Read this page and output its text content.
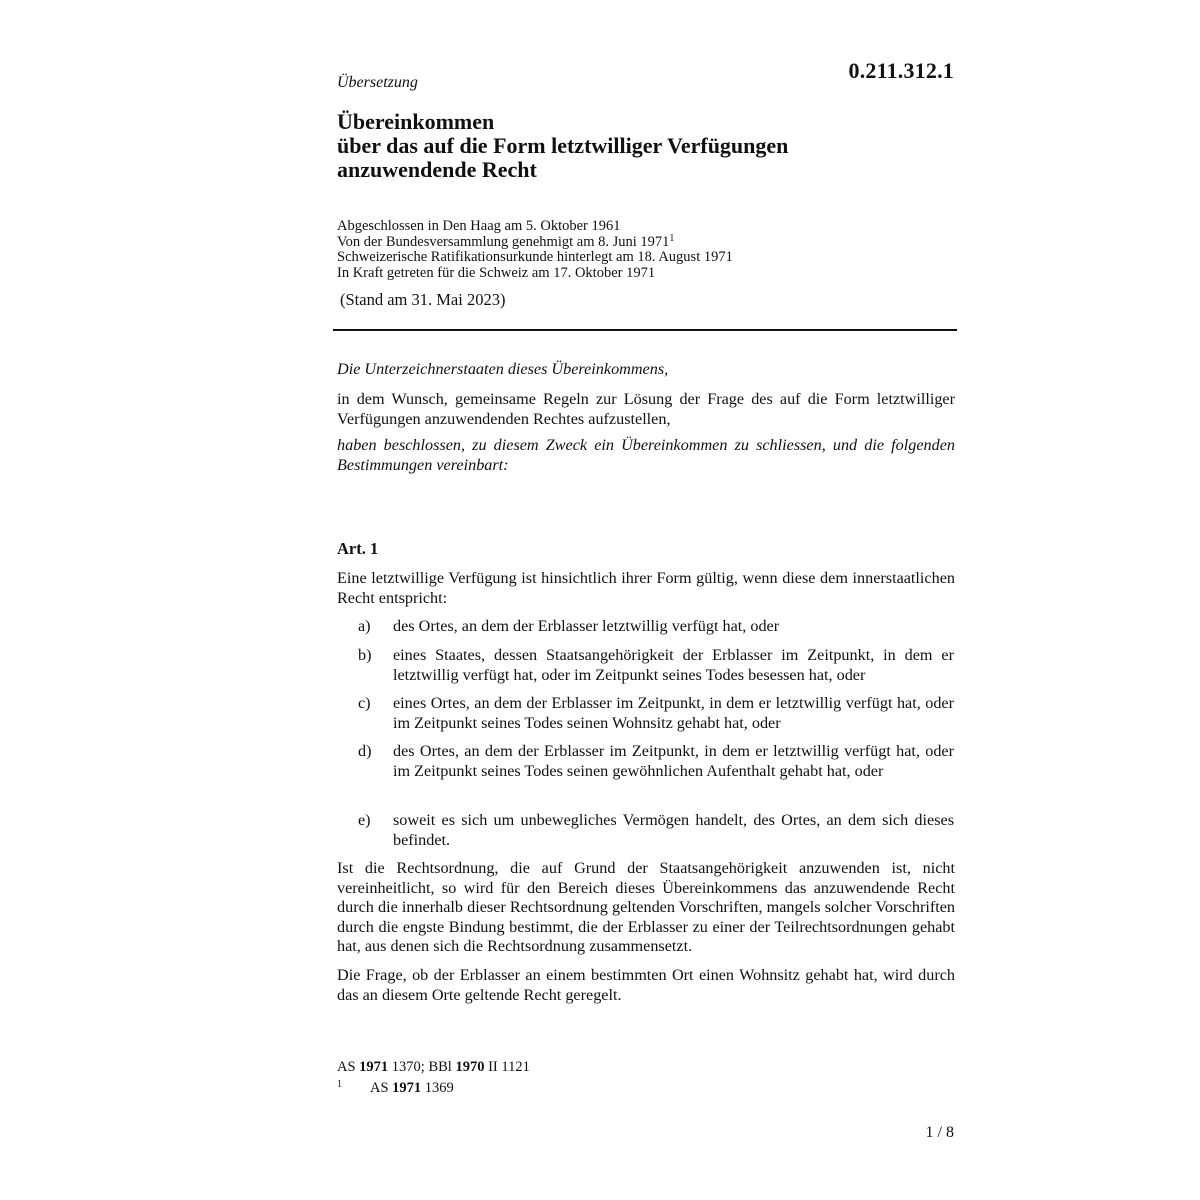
0.211.312.1
Übersetzung
Übereinkommen
über das auf die Form letztwilliger Verfügungen
anzuwendende Recht
Abgeschlossen in Den Haag am 5. Oktober 1961
Von der Bundesversammlung genehmigt am 8. Juni 1971$^1$
Schweizerische Ratifikationsurkunde hinterlegt am 18. August 1971
In Kraft getreten für die Schweiz am 17. Oktober 1971
(Stand am 31. Mai 2023)
Die Unterzeichnerstaaten dieses Übereinkommens,
in dem Wunsch, gemeinsame Regeln zur Lösung der Frage des auf die Form letztwilliger Verfügungen anzuwendenden Rechtes aufzustellen,
haben beschlossen, zu diesem Zweck ein Übereinkommen zu schliessen, und die folgenden Bestimmungen vereinbart:
Art. 1
Eine letztwillige Verfügung ist hinsichtlich ihrer Form gültig, wenn diese dem innerstaatlichen Recht entspricht:
a)	des Ortes, an dem der Erblasser letztwillig verfügt hat, oder
b)	eines Staates, dessen Staatsangehörigkeit der Erblasser im Zeitpunkt, in dem er letztwillig verfügt hat, oder im Zeitpunkt seines Todes besessen hat, oder
c)	eines Ortes, an dem der Erblasser im Zeitpunkt, in dem er letztwillig verfügt hat, oder im Zeitpunkt seines Todes seinen Wohnsitz gehabt hat, oder
d)	des Ortes, an dem der Erblasser im Zeitpunkt, in dem er letztwillig verfügt hat, oder im Zeitpunkt seines Todes seinen gewöhnlichen Aufenthalt gehabt hat, oder
e)	soweit es sich um unbewegliches Vermögen handelt, des Ortes, an dem sich dieses befindet.
Ist die Rechtsordnung, die auf Grund der Staatsangehörigkeit anzuwenden ist, nicht vereinheitlicht, so wird für den Bereich dieses Übereinkommens das anzuwendende Recht durch die innerhalb dieser Rechtsordnung geltenden Vorschriften, mangels solcher Vorschriften durch die engste Bindung bestimmt, die der Erblasser zu einer der Teilrechtsordnungen gehabt hat, aus denen sich die Rechtsordnung zusammensetzt.
Die Frage, ob der Erblasser an einem bestimmten Ort einen Wohnsitz gehabt hat, wird durch das an diesem Orte geltende Recht geregelt.
AS 1971 1370; BBl 1970 II 1121
1 AS 1971 1369
1 / 8
